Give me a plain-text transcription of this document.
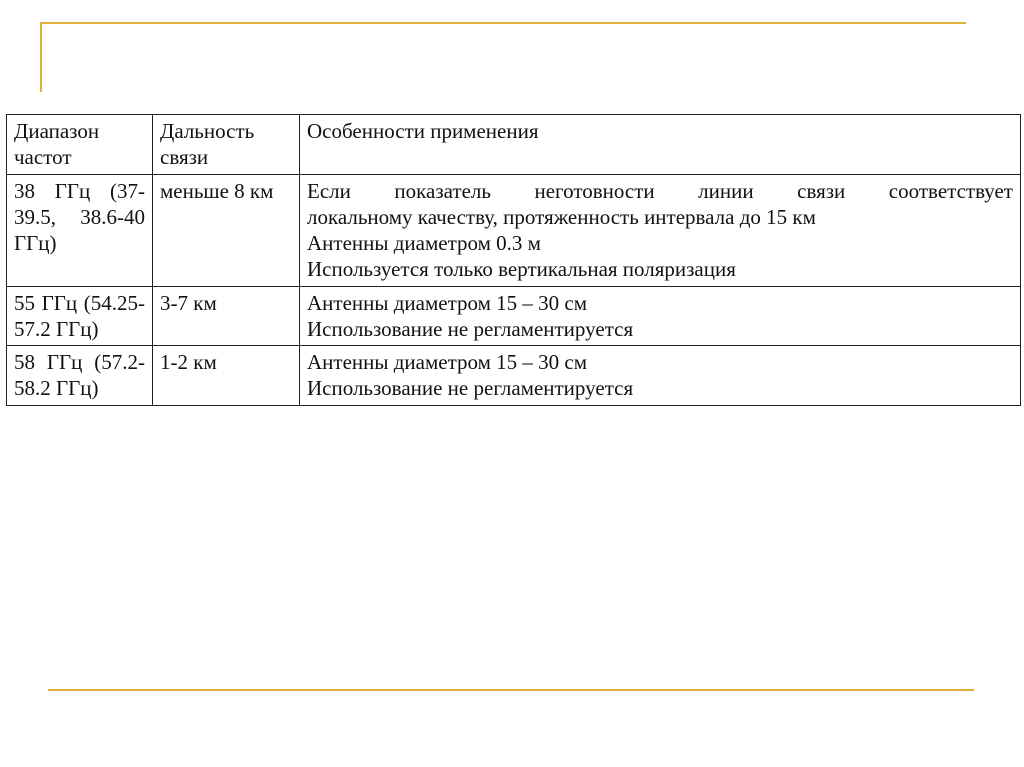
Диапазон частот	Дальность связи	Особенности применения

38 ГГц (37-39.5, 38.6-40 ГГц)	меньше 8 км	Если показатель неготовности линии связи соответствует
локальному качеству, протяженность интервала до 15 км
Антенны диаметром 0.3 м
Используется только вертикальная поляризация

55 ГГц (54.25-57.2 ГГц)	3-7 км	Антенны диаметром 15 – 30 см
Использование не регламентируется

58 ГГц (57.2-58.2 ГГц)	1-2 км	Антенны диаметром 15 – 30 см
Использование не регламентируется
